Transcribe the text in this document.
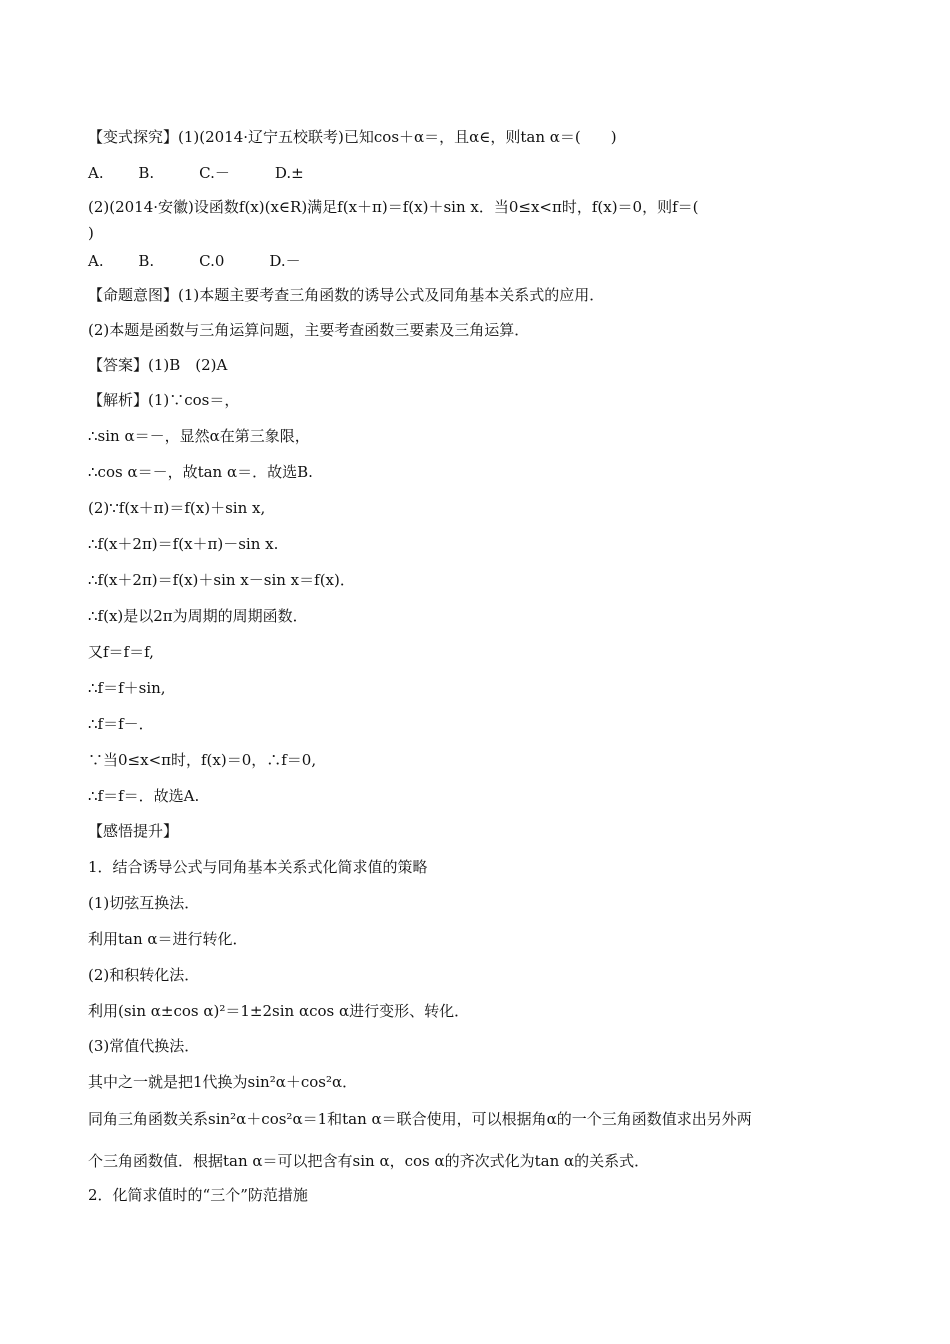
【变式探究】(1)(2014·辽宁五校联考)已知cos＋α＝，且α∈，则tan α＝(　　)
A.　　 B.　　　C.－　　　D.±
(2)(2014·安徽)设函数f(x)(x∈R)满足f(x＋π)＝f(x)＋sin x．当0≤x<π时，f(x)＝0，则f＝(
)
A.　　 B.　　　C.0　　　D.－
【命题意图】(1)本题主要考查三角函数的诱导公式及同角基本关系式的应用．
(2)本题是函数与三角运算问题，主要考查函数三要素及三角运算．
【答案】(1)B　(2)A
【解析】(1)∵cos＝，
∴sin α＝－，显然α在第三象限，
∴cos α＝－，故tan α＝．故选B.
(2)∵f(x＋π)＝f(x)＋sin x,
∴f(x＋2π)＝f(x＋π)－sin x.
∴f(x＋2π)＝f(x)＋sin x－sin x＝f(x)．
∴f(x)是以2π为周期的周期函数．
又f＝f＝f,
∴f＝f＋sin,
∴f＝f－．
∵当0≤x<π时，f(x)＝0，∴f＝0,
∴f＝f＝．故选A.
【感悟提升】
1．结合诱导公式与同角基本关系式化简求值的策略
(1)切弦互换法．
利用tan α＝进行转化．
(2)和积转化法．
利用(sin α±cos α)²＝1±2sin αcos α进行变形、转化．
(3)常值代换法．
其中之一就是把1代换为sin²α＋cos²α．
同角三角函数关系sin²α＋cos²α＝1和tan α＝联合使用，可以根据角α的一个三角函数值求出另外两
个三角函数值．根据tan α＝可以把含有sin α，cos α的齐次式化为tan α的关系式．
2．化简求值时的“三个”防范措施
